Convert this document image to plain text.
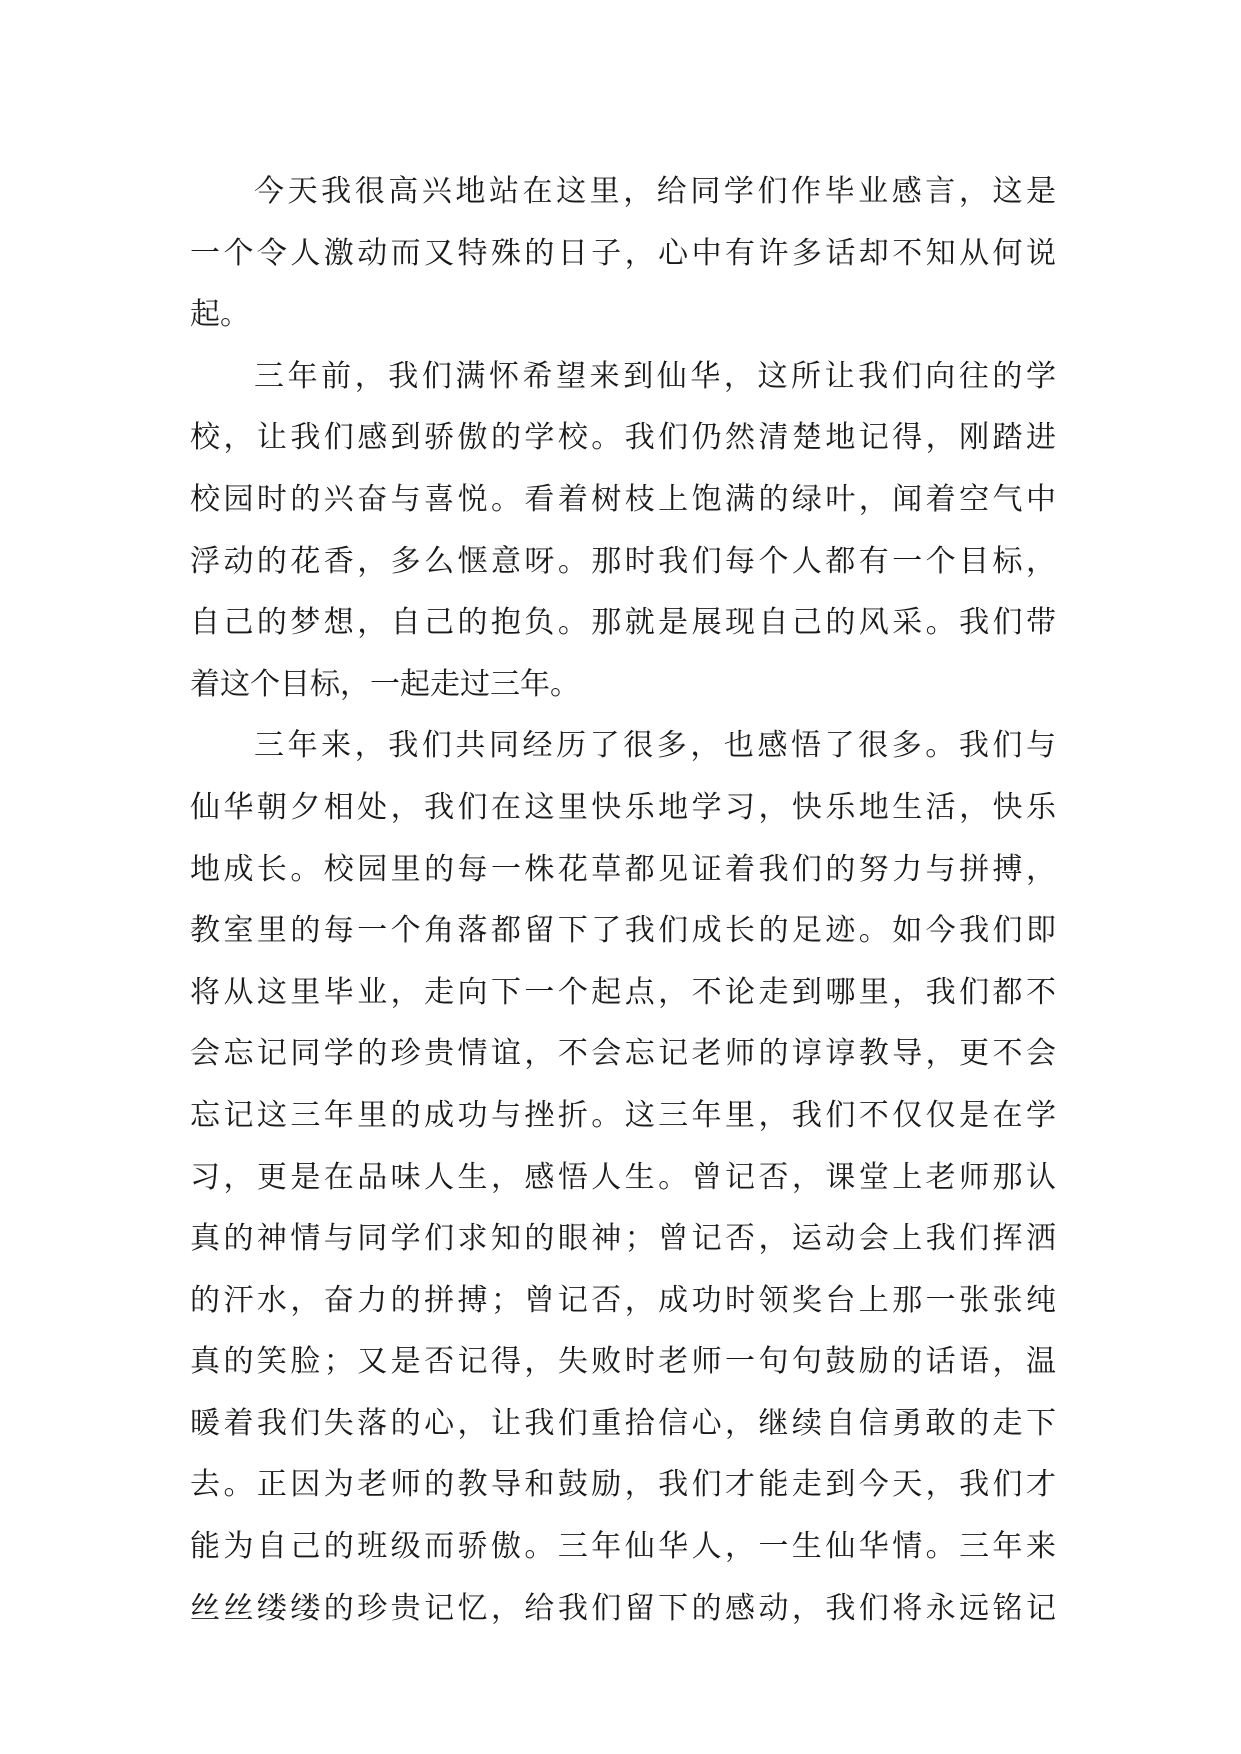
今天我很高兴地站在这里，给同学们作毕业感言，这是
一个令人激动而又特殊的日子，心中有许多话却不知从何说
起。
三年前，我们满怀希望来到仙华，这所让我们向往的学
校，让我们感到骄傲的学校。我们仍然清楚地记得，刚踏进
校园时的兴奋与喜悦。看着树枝上饱满的绿叶，闻着空气中
浮动的花香，多么惬意呀。那时我们每个人都有一个目标，
自己的梦想，自己的抱负。那就是展现自己的风采。我们带
着这个目标，一起走过三年。
三年来，我们共同经历了很多，也感悟了很多。我们与
仙华朝夕相处，我们在这里快乐地学习，快乐地生活，快乐
地成长。校园里的每一株花草都见证着我们的努力与拼搏，
教室里的每一个角落都留下了我们成长的足迹。如今我们即
将从这里毕业，走向下一个起点，不论走到哪里，我们都不
会忘记同学的珍贵情谊，不会忘记老师的谆谆教导，更不会
忘记这三年里的成功与挫折。这三年里，我们不仅仅是在学
习，更是在品味人生，感悟人生。曾记否，课堂上老师那认
真的神情与同学们求知的眼神；曾记否，运动会上我们挥洒
的汗水，奋力的拼搏；曾记否，成功时领奖台上那一张张纯
真的笑脸；又是否记得，失败时老师一句句鼓励的话语，温
暖着我们失落的心，让我们重拾信心，继续自信勇敢的走下
去。正因为老师的教导和鼓励，我们才能走到今天，我们才
能为自己的班级而骄傲。三年仙华人，一生仙华情。三年来
丝丝缕缕的珍贵记忆，给我们留下的感动，我们将永远铭记
